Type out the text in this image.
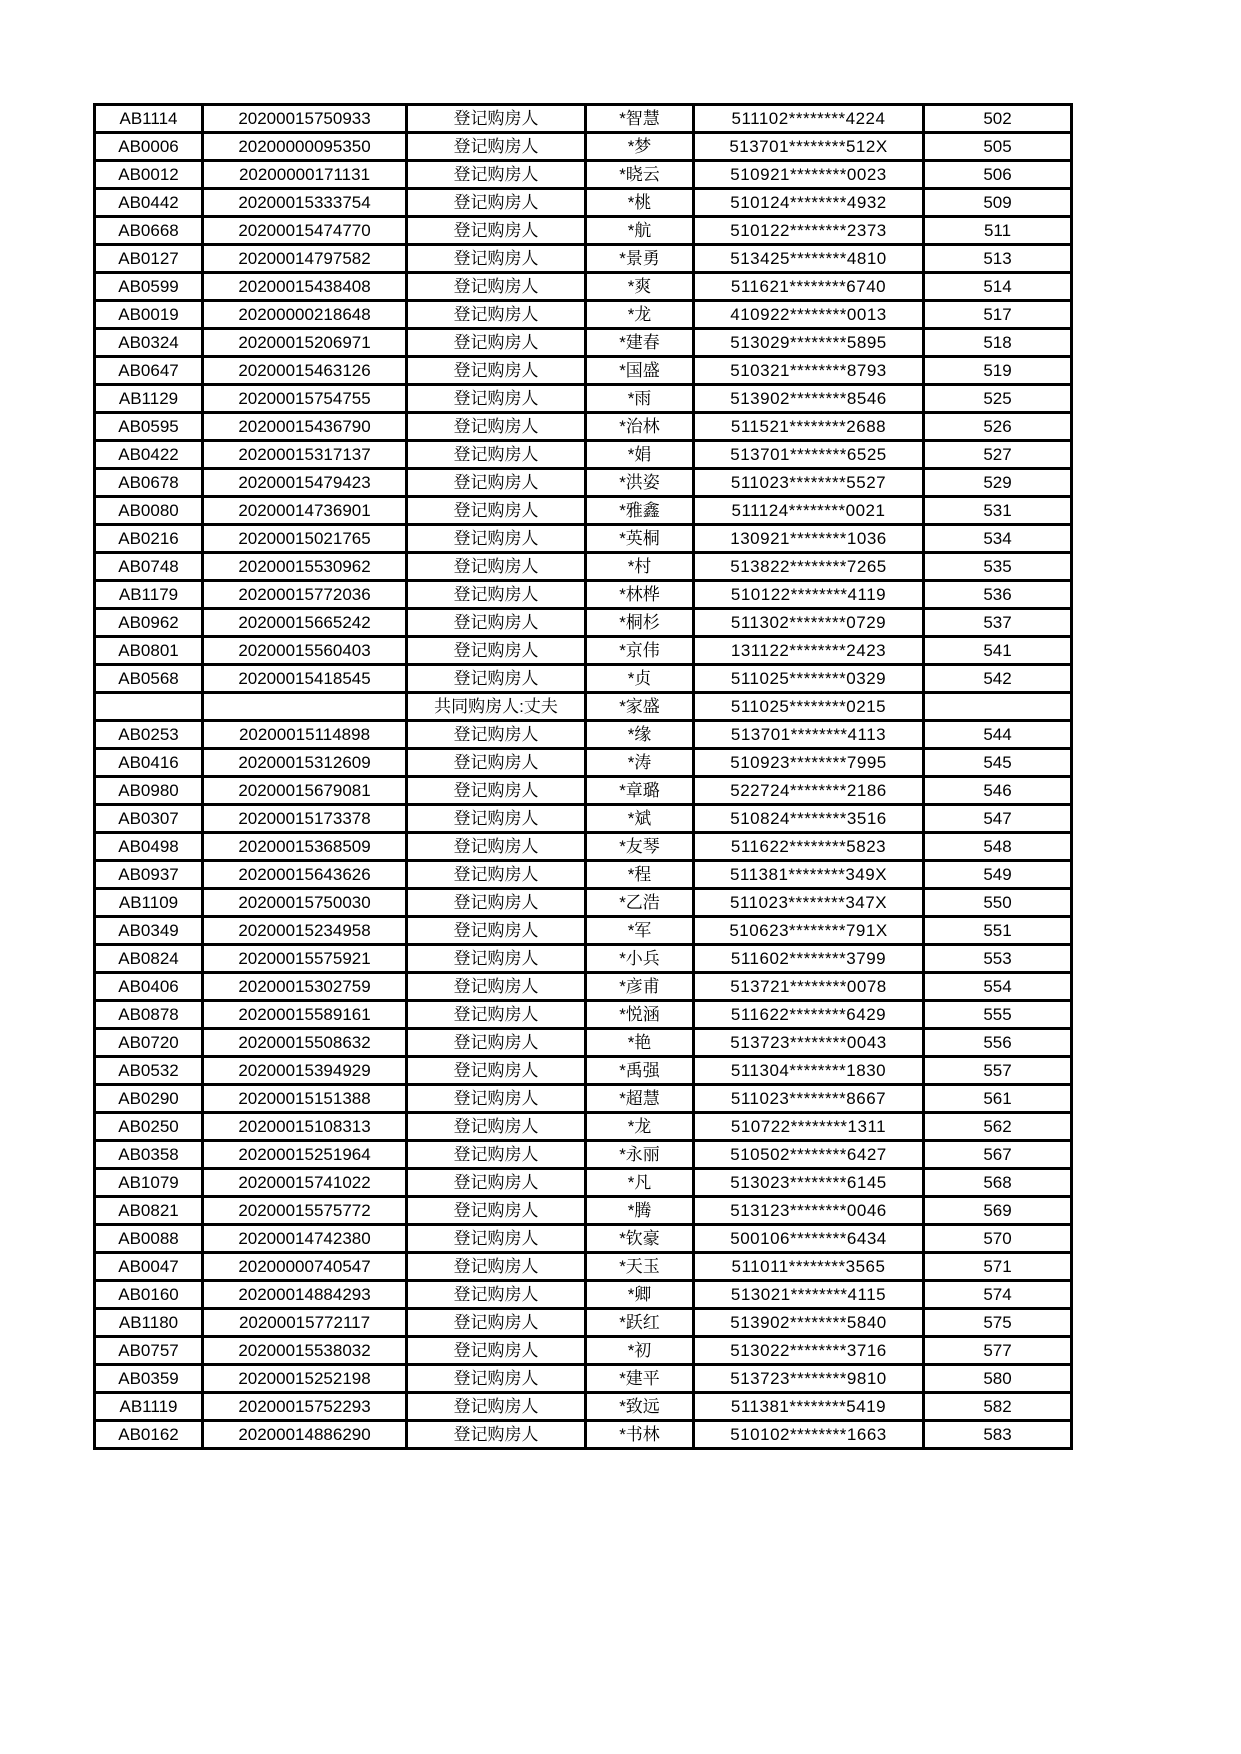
AB1114	20200015750933	登记购房人	*智慧	511102********4224	502
AB0006	20200000095350	登记购房人	*梦	513701********512X	505
AB0012	20200000171131	登记购房人	*晓云	510921********0023	506
AB0442	20200015333754	登记购房人	*桃	510124********4932	509
AB0668	20200015474770	登记购房人	*航	510122********2373	511
AB0127	20200014797582	登记购房人	*景勇	513425********4810	513
AB0599	20200015438408	登记购房人	*爽	511621********6740	514
AB0019	20200000218648	登记购房人	*龙	410922********0013	517
AB0324	20200015206971	登记购房人	*建春	513029********5895	518
AB0647	20200015463126	登记购房人	*国盛	510321********8793	519
AB1129	20200015754755	登记购房人	*雨	513902********8546	525
AB0595	20200015436790	登记购房人	*治林	511521********2688	526
AB0422	20200015317137	登记购房人	*娟	513701********6525	527
AB0678	20200015479423	登记购房人	*洪姿	511023********5527	529
AB0080	20200014736901	登记购房人	*雅鑫	511124********0021	531
AB0216	20200015021765	登记购房人	*英桐	130921********1036	534
AB0748	20200015530962	登记购房人	*村	513822********7265	535
AB1179	20200015772036	登记购房人	*林桦	510122********4119	536
AB0962	20200015665242	登记购房人	*桐杉	511302********0729	537
AB0801	20200015560403	登记购房人	*京伟	131122********2423	541
AB0568	20200015418545	登记购房人	*贞	511025********0329	542
		共同购房人:丈夫	*家盛	511025********0215	
AB0253	20200015114898	登记购房人	*缘	513701********4113	544
AB0416	20200015312609	登记购房人	*涛	510923********7995	545
AB0980	20200015679081	登记购房人	*章璐	522724********2186	546
AB0307	20200015173378	登记购房人	*斌	510824********3516	547
AB0498	20200015368509	登记购房人	*友琴	511622********5823	548
AB0937	20200015643626	登记购房人	*程	511381********349X	549
AB1109	20200015750030	登记购房人	*乙浩	511023********347X	550
AB0349	20200015234958	登记购房人	*军	510623********791X	551
AB0824	20200015575921	登记购房人	*小兵	511602********3799	553
AB0406	20200015302759	登记购房人	*彦甫	513721********0078	554
AB0878	20200015589161	登记购房人	*悦涵	511622********6429	555
AB0720	20200015508632	登记购房人	*艳	513723********0043	556
AB0532	20200015394929	登记购房人	*禹强	511304********1830	557
AB0290	20200015151388	登记购房人	*超慧	511023********8667	561
AB0250	20200015108313	登记购房人	*龙	510722********1311	562
AB0358	20200015251964	登记购房人	*永丽	510502********6427	567
AB1079	20200015741022	登记购房人	*凡	513023********6145	568
AB0821	20200015575772	登记购房人	*腾	513123********0046	569
AB0088	20200014742380	登记购房人	*钦豪	500106********6434	570
AB0047	20200000740547	登记购房人	*天玉	511011********3565	571
AB0160	20200014884293	登记购房人	*卿	513021********4115	574
AB1180	20200015772117	登记购房人	*跃红	513902********5840	575
AB0757	20200015538032	登记购房人	*初	513022********3716	577
AB0359	20200015252198	登记购房人	*建平	513723********9810	580
AB1119	20200015752293	登记购房人	*致远	511381********5419	582
AB0162	20200014886290	登记购房人	*书林	510102********1663	583
